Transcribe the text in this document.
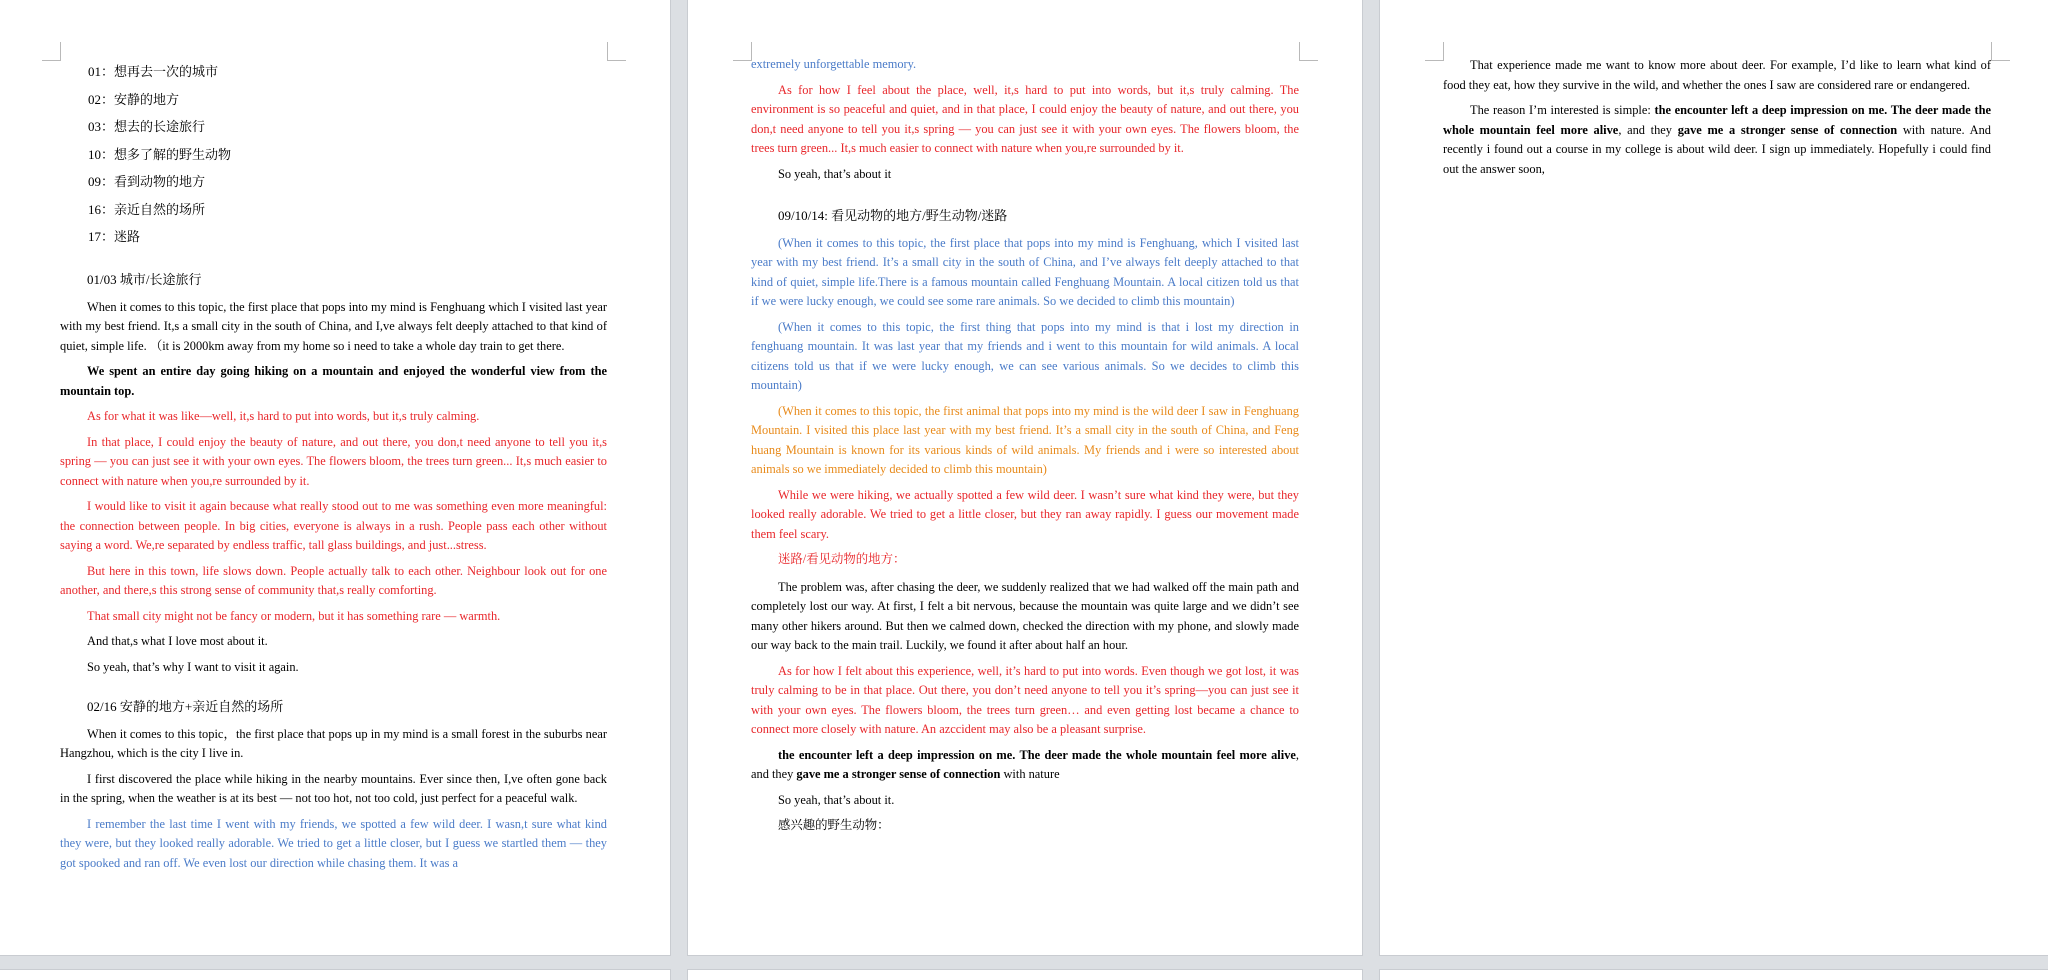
01：想再去一次的城市
02：安静的地方
03：想去的长途旅行
10：想多了解的野生动物
09：看到动物的地方
16：亲近自然的场所
17：迷路
01/03 城市/长途旅行

When it comes to this topic, the first place that pops into my mind is Fenghuang which I visited last year with my best friend. It,s a small city in the south of China, and I,ve always felt deeply attached to that kind of quiet, simple life. （it is 2000km away from my home so i need to take a whole day train to get there.

We spent an entire day going hiking on a mountain and enjoyed the wonderful view from the mountain top.

As for what it was like—well, it,s hard to put into words, but it,s truly calming.

In that place, I could enjoy the beauty of nature, and out there, you don,t need anyone to tell you it,s spring — you can just see it with your own eyes. The flowers bloom, the trees turn green... It,s much easier to connect with nature when you,re surrounded by it.

I would like to visit it again because what really stood out to me was something even more meaningful: the connection between people. In big cities, everyone is always in a rush. People pass each other without saying a word. We,re separated by endless traffic, tall glass buildings, and just...stress.

But here in this town, life slows down. People actually talk to each other. Neighbour look out for one another, and there,s this strong sense of community that,s really comforting.

That small city might not be fancy or modern, but it has something rare — warmth.

And that,s what I love most about it.

So yeah, that’s why I want to visit it again.

02/16 安静的地方+亲近自然的场所

When it comes to this topic，the first place that pops up in my mind is a small forest in the suburbs near Hangzhou, which is the city I live in.

I first discovered the place while hiking in the nearby mountains. Ever since then, I,ve often gone back in the spring, when the weather is at its best — not too hot, not too cold, just perfect for a peaceful walk.

I remember the last time I went with my friends, we spotted a few wild deer. I wasn,t sure what kind they were, but they looked really adorable. We tried to get a little closer, but I guess we startled them — they got spooked and ran off. We even lost our direction while chasing them. It was a

extremely unforgettable memory.

As for how I feel about the place, well, it,s hard to put into words, but it,s truly calming. The environment is so peaceful and quiet, and in that place, I could enjoy the beauty of nature, and out there, you don,t need anyone to tell you it,s spring — you can just see it with your own eyes. The flowers bloom, the trees turn green... It,s much easier to connect with nature when you,re surrounded by it.

So yeah, that’s about it

09/10/14: 看见动物的地方/野生动物/迷路

(When it comes to this topic, the first place that pops into my mind is Fenghuang, which I visited last year with my best friend. It’s a small city in the south of China, and I’ve always felt deeply attached to that kind of quiet, simple life.There is a famous mountain called Fenghuang Mountain. A local citizen told us that if we were lucky enough, we could see some rare animals. So we decided to climb this mountain)

(When it comes to this topic, the first thing that pops into my mind is that i lost my direction in fenghuang mountain. It was last year that my friends and i went to this mountain for wild animals. A local citizens told us that if we were lucky enough, we can see various animals. So we decides to climb this mountain)

(When it comes to this topic, the first animal that pops into my mind is the wild deer I saw in Fenghuang Mountain. I visited this place last year with my best friend. It’s a small city in the south of China, and Feng huang Mountain is known for its various kinds of wild animals. My friends and i were so interested about animals so we immediately decided to climb this mountain)

While we were hiking, we actually spotted a few wild deer. I wasn’t sure what kind they were, but they looked really adorable. We tried to get a little closer, but they ran away rapidly. I guess our movement made them feel scary.

迷路/看见动物的地方：

The problem was, after chasing the deer, we suddenly realized that we had walked off the main path and completely lost our way. At first, I felt a bit nervous, because the mountain was quite large and we didn’t see many other hikers around. But then we calmed down, checked the direction with my phone, and slowly made our way back to the main trail. Luckily, we found it after about half an hour.

As for how I felt about this experience, well, it’s hard to put into words. Even though we got lost, it was truly calming to be in that place. Out there, you don’t need anyone to tell you it’s spring—you can just see it with your own eyes. The flowers bloom, the trees turn green… and even getting lost became a chance to connect more closely with nature. An azccident may also be a pleasant surprise.

the encounter left a deep impression on me. The deer made the whole mountain feel more alive, and they gave me a stronger sense of connection with nature

So yeah, that’s about it.

感兴趣的野生动物：

That experience made me want to know more about deer. For example, I’d like to learn what kind of food they eat, how they survive in the wild, and whether the ones I saw are considered rare or endangered.

The reason I’m interested is simple: the encounter left a deep impression on me. The deer made the whole mountain feel more alive, and they gave me a stronger sense of connection with nature. And recently i found out a course in my college is about wild deer. I sign up immediately. Hopefully i could find out the answer soon,
